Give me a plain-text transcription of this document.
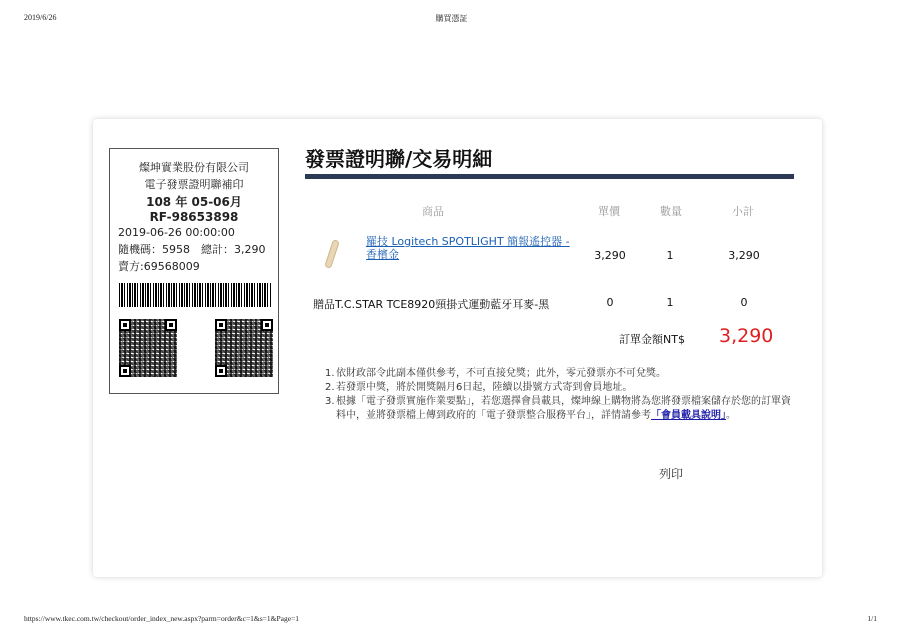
2019/6/26	購買憑証
燦坤實業股份有限公司
電子發票證明聯補印
108 年 05-06月
RF-98653898
2019-06-26 00:00:00
隨機碼：5958　總計：3,290
賣方:69568009
發票證明聯/交易明細
商品	單價	數量	小計
羅技 Logitech SPOTLIGHT 簡報遙控器 - 香檳金	3,290	1	3,290
贈品T.C.STAR TCE8920頸掛式運動藍牙耳麥-黑	0	1	0
訂單金額NT$ 3,290
1. 依財政部令此副本僅供參考，不可直接兌獎；此外，零元發票亦不可兌獎。
2. 若發票中獎，將於開獎隔月6日起，陸續以掛號方式寄到會員地址。
3. 根據「電子發票實施作業要點」，若您選擇會員載具，燦坤線上購物將為您將發票檔案儲存於您的訂單資料中，並將發票檔上傳到政府的「電子發票整合服務平台」，詳情請參考「會員載具說明」。
列印
https://www.tkec.com.tw/checkout/order_index_new.aspx?parm=order&c=1&s=1&Page=1	1/1
